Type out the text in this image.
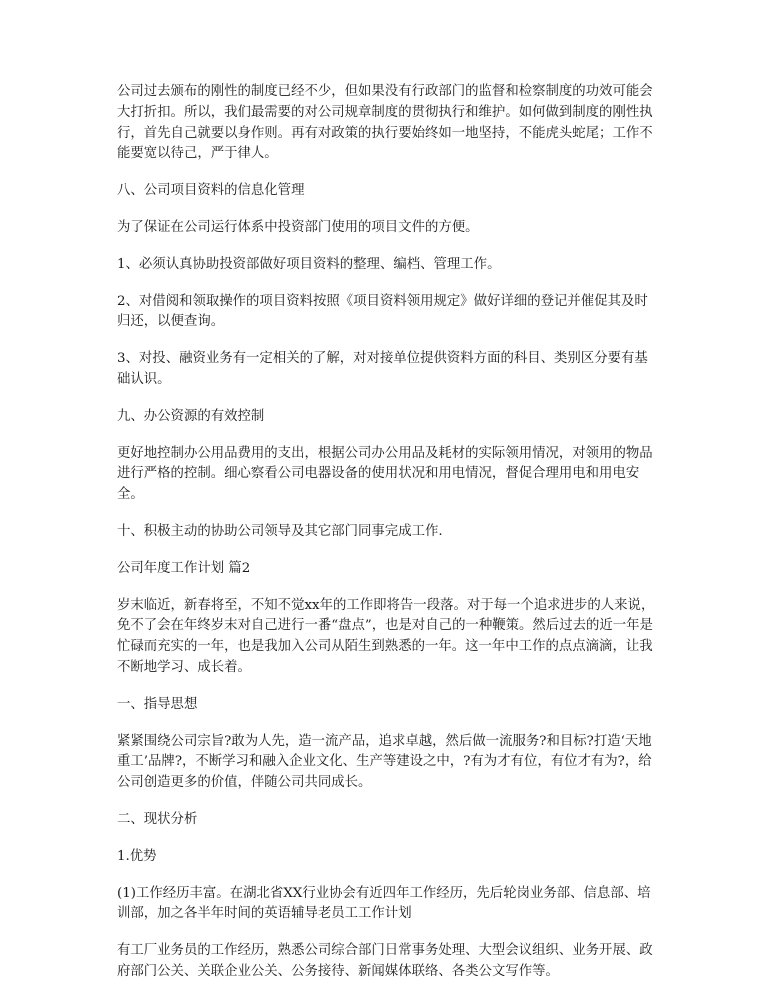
公司过去颁布的刚性的制度已经不少，但如果没有行政部门的监督和检察制度的功效可能会大打折扣。所以，我们最需要的对公司规章制度的贯彻执行和维护。如何做到制度的刚性执行，首先自己就要以身作则。再有对政策的执行要始终如一地坚持，不能虎头蛇尾；工作不能要宽以待己，严于律人。

八、公司项目资料的信息化管理

为了保证在公司运行体系中投资部门使用的项目文件的方便。

1、必须认真协助投资部做好项目资料的整理、编档、管理工作。

2、对借阅和领取操作的项目资料按照《项目资料领用规定》做好详细的登记并催促其及时归还，以便查询。

3、对投、融资业务有一定相关的了解，对对接单位提供资料方面的科目、类别区分要有基础认识。

九、办公资源的有效控制

更好地控制办公用品费用的支出，根据公司办公用品及耗材的实际领用情况，对领用的物品进行严格的控制。细心察看公司电器设备的使用状况和用电情况，督促合理用电和用电安全。

十、积极主动的协助公司领导及其它部门同事完成工作.

公司年度工作计划 篇2

岁末临近，新春将至，不知不觉xx年的工作即将告一段落。对于每一个追求进步的人来说，免不了会在年终岁末对自己进行一番“盘点”，也是对自己的一种鞭策。然后过去的近一年是忙碌而充实的一年，也是我加入公司从陌生到熟悉的一年。这一年中工作的点点滴滴，让我不断地学习、成长着。

一、指导思想

紧紧围绕公司宗旨?敢为人先，造一流产品，追求卓越，然后做一流服务?和目标?打造‘天地重工’品牌?，不断学习和融入企业文化、生产等建设之中，?有为才有位，有位才有为?，给公司创造更多的价值，伴随公司共同成长。

二、现状分析

1.优势

(1)工作经历丰富。在湖北省XX行业协会有近四年工作经历，先后轮岗业务部、信息部、培训部，加之各半年时间的英语辅导老员工工作计划

有工厂业务员的工作经历，熟悉公司综合部门日常事务处理、大型会议组织、业务开展、政府部门公关、关联企业公关、公务接待、新闻媒体联络、各类公文写作等。
